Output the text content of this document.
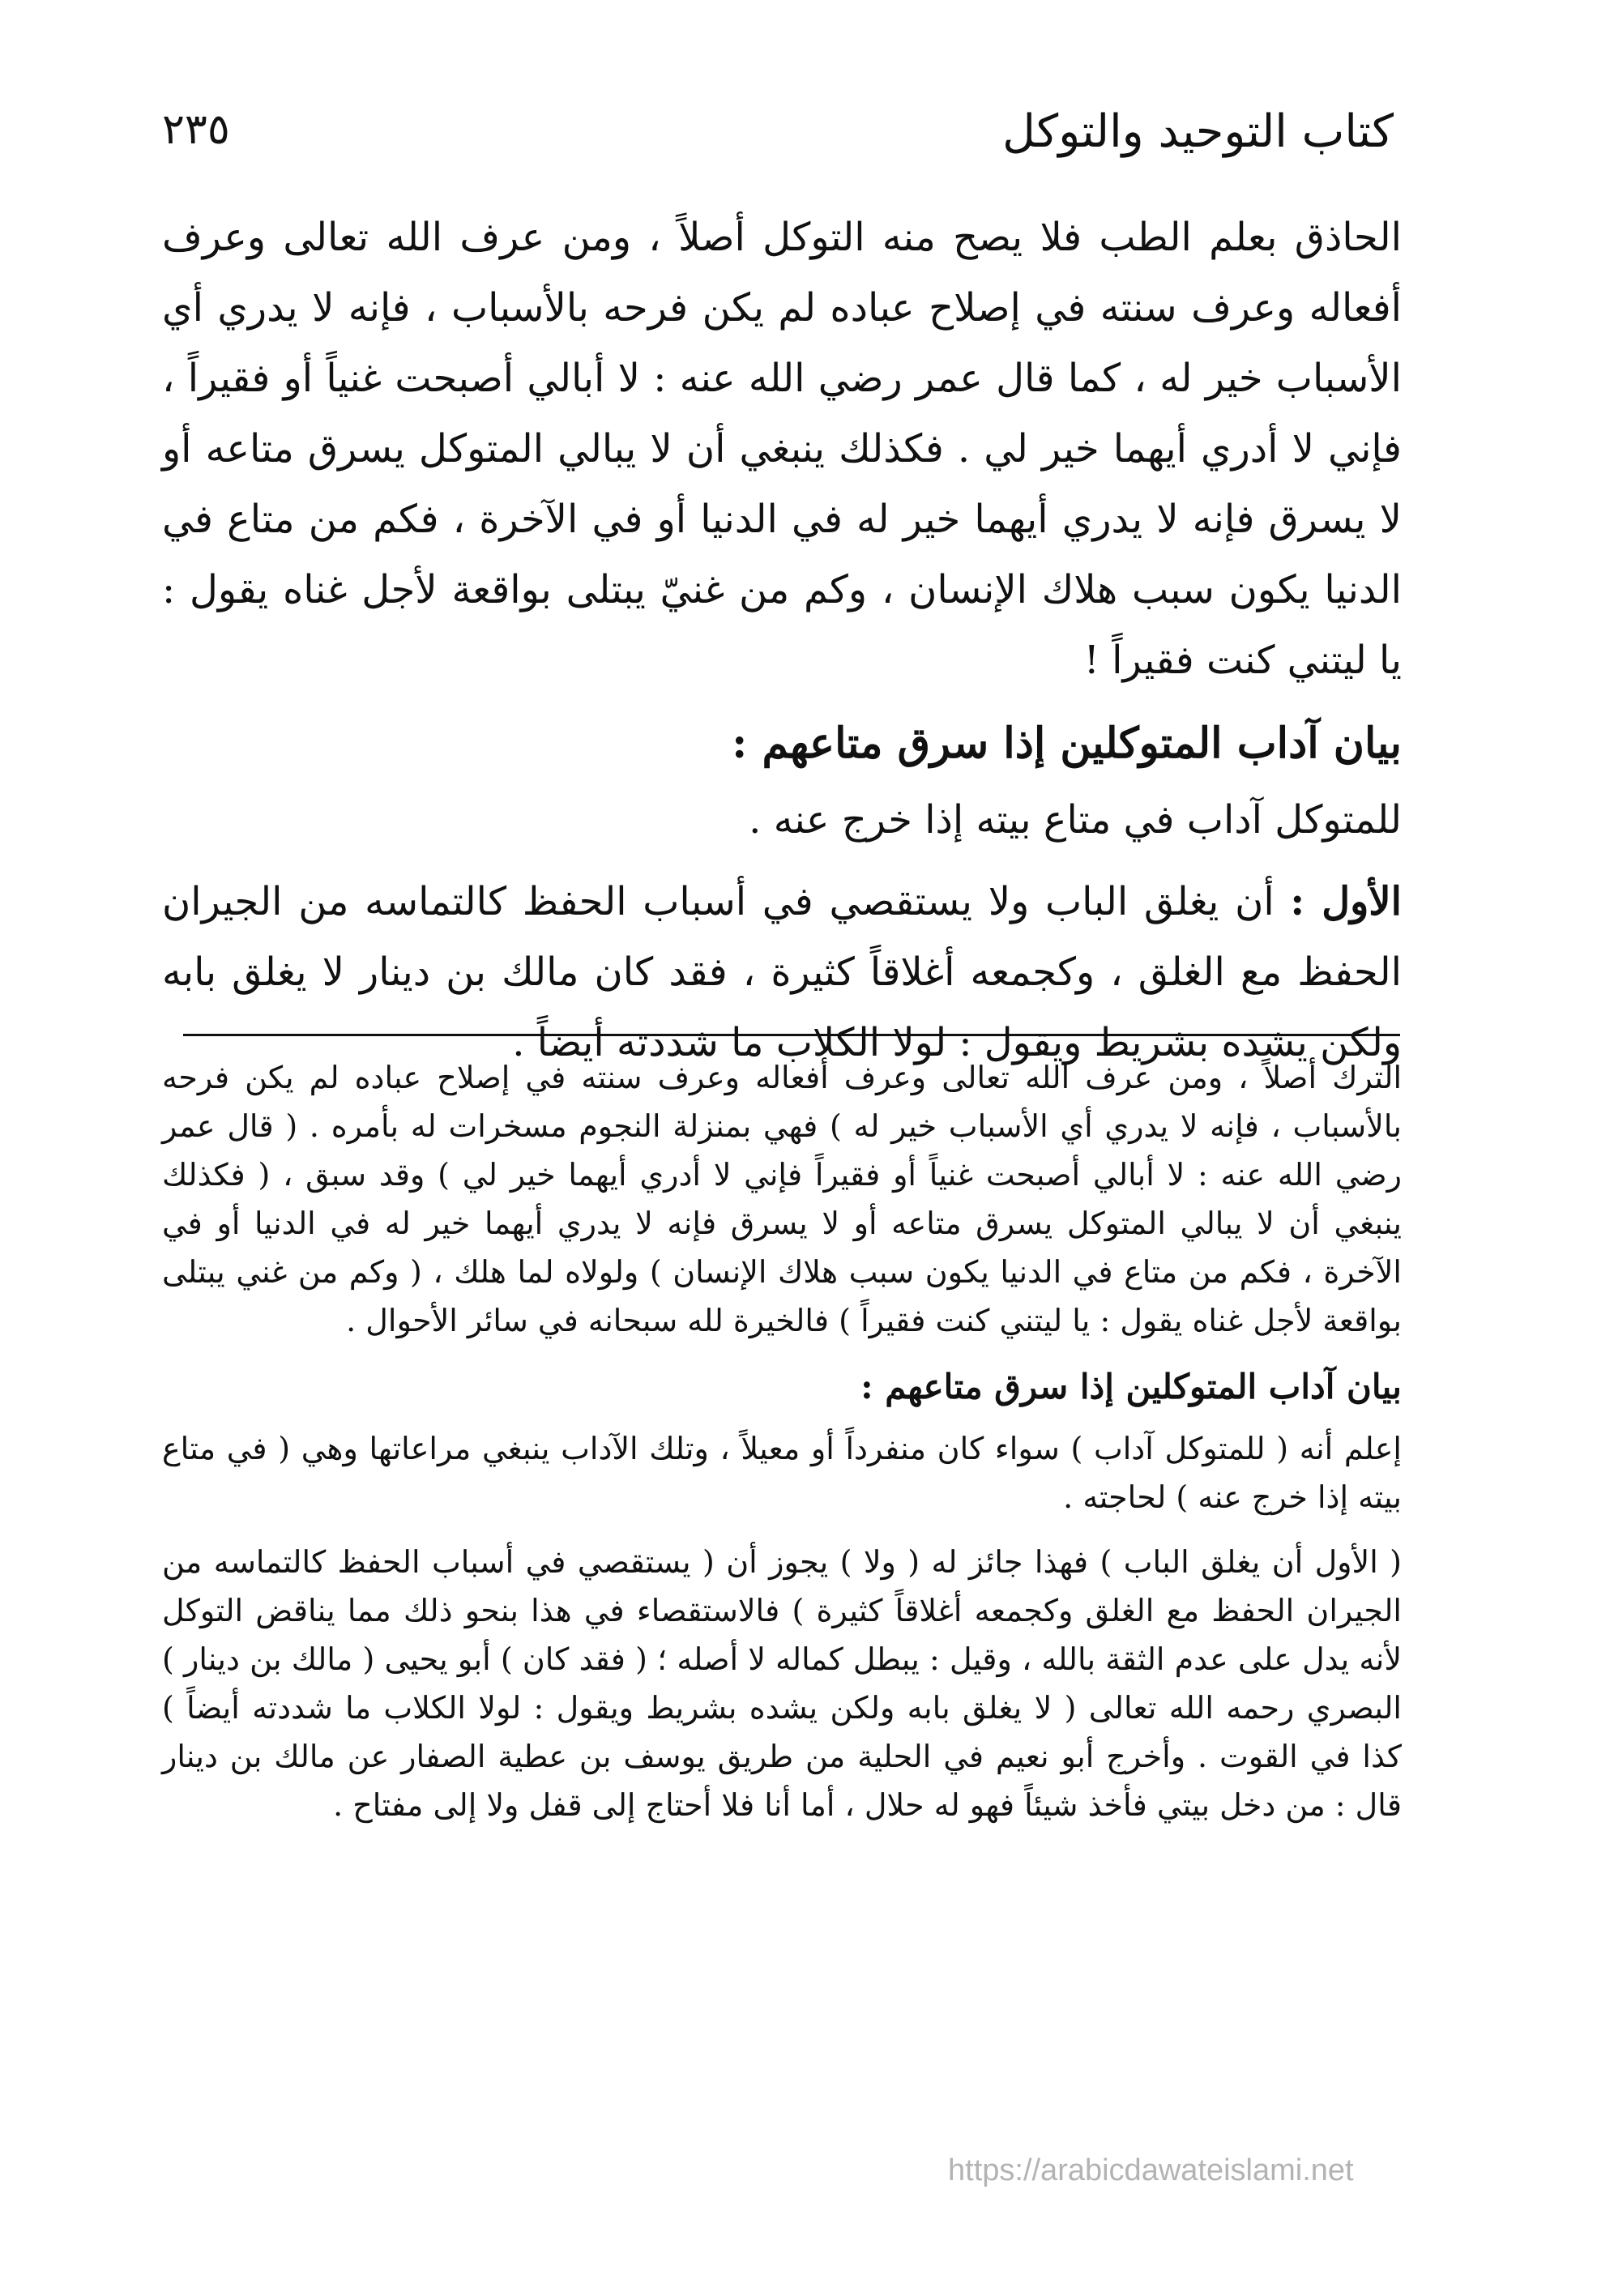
كتاب التوحيد والتوكل
٢٣٥

الحاذق بعلم الطب فلا يصح منه التوكل أصلاً ، ومن عرف الله تعالى وعرف أفعاله وعرف سنته في إصلاح عباده لم يكن فرحه بالأسباب ، فإنه لا يدري أي الأسباب خير له ، كما قال عمر رضي الله عنه : لا أبالي أصبحت غنياً أو فقيراً ، فإني لا أدري أيهما خير لي . فكذلك ينبغي أن لا يبالي المتوكل يسرق متاعه أو لا يسرق فإنه لا يدري أيهما خير له في الدنيا أو في الآخرة ، فكم من متاع في الدنيا يكون سبب هلاك الإنسان ، وكم من غنيّ يبتلى بواقعة لأجل غناه يقول : يا ليتني كنت فقيراً !

بيان آداب المتوكلين إذا سرق متاعهم :

للمتوكل آداب في متاع بيته إذا خرج عنه .

الأول : أن يغلق الباب ولا يستقصي في أسباب الحفظ كالتماسه من الجيران الحفظ مع الغلق ، وكجمعه أغلاقاً كثيرة ، فقد كان مالك بن دينار لا يغلق بابه ولكن يشده بشريط ويقول : لولا الكلاب ما شددته أيضاً .

الترك أصلاً ، ومن عرف الله تعالى وعرف أفعاله وعرف سنته في إصلاح عباده لم يكن فرحه بالأسباب ، فإنه لا يدري أي الأسباب خير له ) فهي بمنزلة النجوم مسخرات له بأمره . ( قال عمر رضي الله عنه : لا أبالي أصبحت غنياً أو فقيراً فإني لا أدري أيهما خير لي ) وقد سبق ، ( فكذلك ينبغي أن لا يبالي المتوكل يسرق متاعه أو لا يسرق فإنه لا يدري أيهما خير له في الدنيا أو في الآخرة ، فكم من متاع في الدنيا يكون سبب هلاك الإنسان ) ولولاه لما هلك ، ( وكم من غني يبتلى بواقعة لأجل غناه يقول : يا ليتني كنت فقيراً ) فالخيرة لله سبحانه في سائر الأحوال .

بيان آداب المتوكلين إذا سرق متاعهم :

إعلم أنه ( للمتوكل آداب ) سواء كان منفرداً أو معيلاً ، وتلك الآداب ينبغي مراعاتها وهي ( في متاع بيته إذا خرج عنه ) لحاجته .

( الأول أن يغلق الباب ) فهذا جائز له ( ولا ) يجوز أن ( يستقصي في أسباب الحفظ كالتماسه من الجيران الحفظ مع الغلق وكجمعه أغلاقاً كثيرة ) فالاستقصاء في هذا بنحو ذلك مما يناقض التوكل لأنه يدل على عدم الثقة بالله ، وقيل : يبطل كماله لا أصله ؛ ( فقد كان ) أبو يحيى ( مالك بن دينار ) البصري رحمه الله تعالى ( لا يغلق بابه ولكن يشده بشريط ويقول : لولا الكلاب ما شددته أيضاً ) كذا في القوت . وأخرج أبو نعيم في الحلية من طريق يوسف بن عطية الصفار عن مالك بن دينار قال : من دخل بيتي فأخذ شيئاً فهو له حلال ، أما أنا فلا أحتاج إلى قفل ولا إلى مفتاح .

https://arabicdawateislami.net
